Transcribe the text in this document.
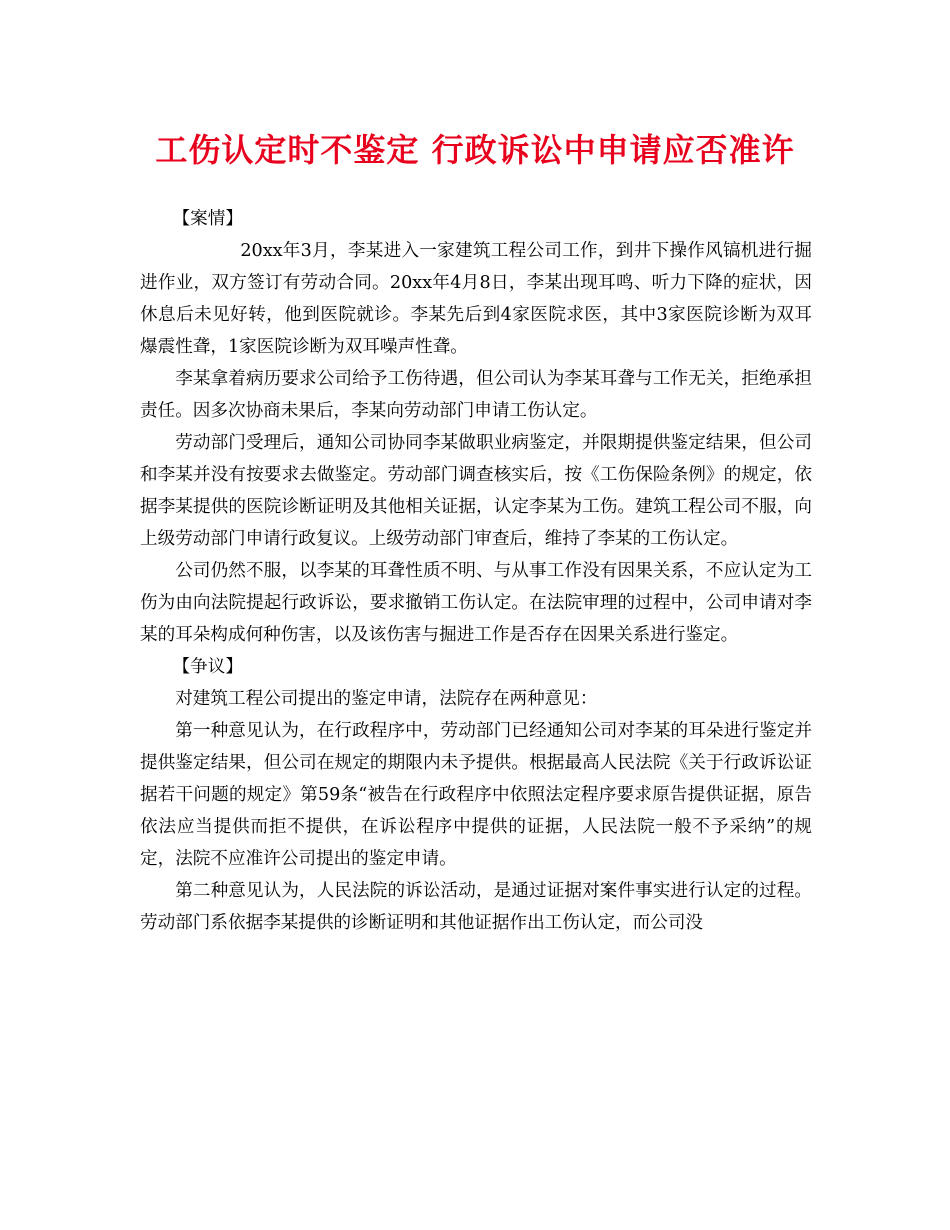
工伤认定时不鉴定 行政诉讼中申请应否准许

【案情】

20xx年3月，李某进入一家建筑工程公司工作，到井下操作风镐机进行掘进作业，双方签订有劳动合同。20xx年4月8日，李某出现耳鸣、听力下降的症状，因休息后未见好转，他到医院就诊。李某先后到4家医院求医，其中3家医院诊断为双耳爆震性聋，1家医院诊断为双耳噪声性聋。

李某拿着病历要求公司给予工伤待遇，但公司认为李某耳聋与工作无关，拒绝承担责任。因多次协商未果后，李某向劳动部门申请工伤认定。

劳动部门受理后，通知公司协同李某做职业病鉴定，并限期提供鉴定结果，但公司和李某并没有按要求去做鉴定。劳动部门调查核实后，按《工伤保险条例》的规定，依据李某提供的医院诊断证明及其他相关证据，认定李某为工伤。建筑工程公司不服，向上级劳动部门申请行政复议。上级劳动部门审查后，维持了李某的工伤认定。

公司仍然不服，以李某的耳聋性质不明、与从事工作没有因果关系，不应认定为工伤为由向法院提起行政诉讼，要求撤销工伤认定。在法院审理的过程中，公司申请对李某的耳朵构成何种伤害，以及该伤害与掘进工作是否存在因果关系进行鉴定。

【争议】

对建筑工程公司提出的鉴定申请，法院存在两种意见：

第一种意见认为，在行政程序中，劳动部门已经通知公司对李某的耳朵进行鉴定并提供鉴定结果，但公司在规定的期限内未予提供。根据最高人民法院《关于行政诉讼证据若干问题的规定》第59条“被告在行政程序中依照法定程序要求原告提供证据，原告依法应当提供而拒不提供，在诉讼程序中提供的证据，人民法院一般不予采纳”的规定，法院不应准许公司提出的鉴定申请。

第二种意见认为，人民法院的诉讼活动，是通过证据对案件事实进行认定的过程。劳动部门系依据李某提供的诊断证明和其他证据作出工伤认定，而公司没
